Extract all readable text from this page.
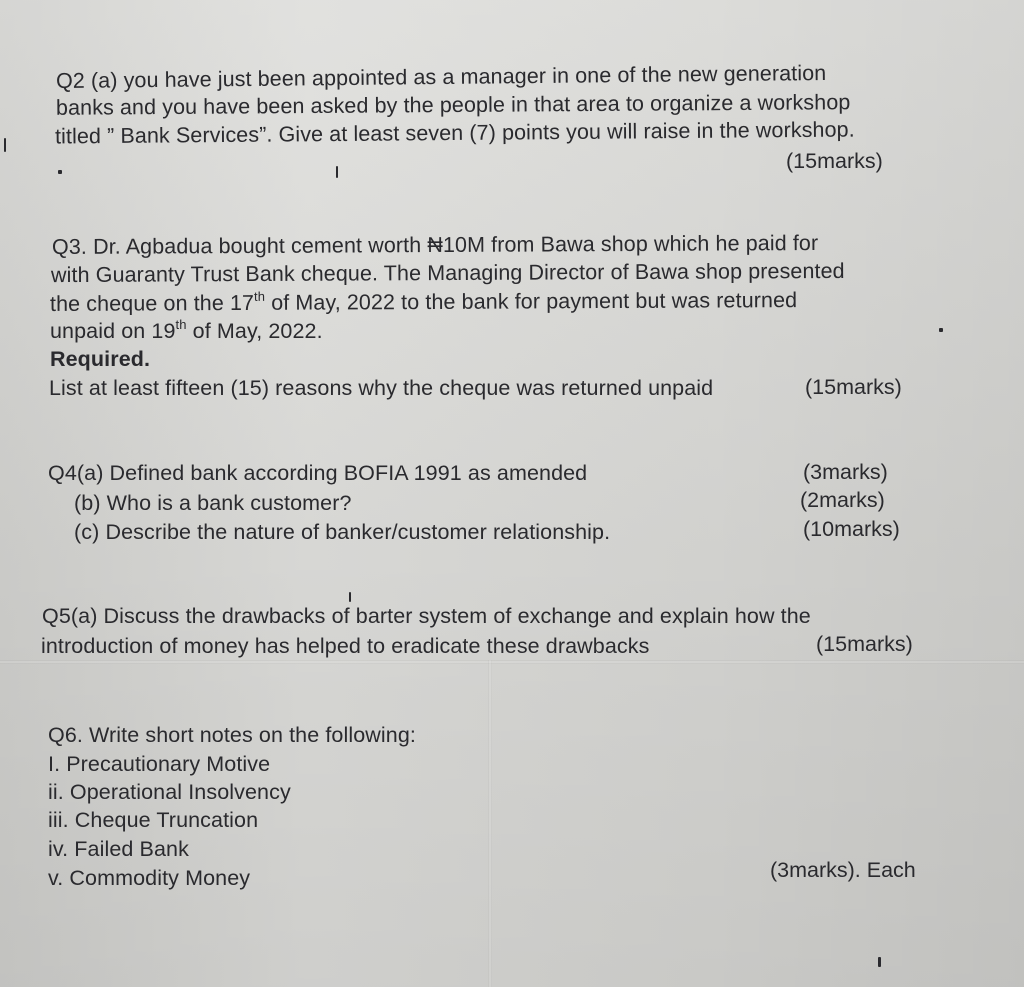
Q2 (a) you have just been appointed as a manager in one of the new generation
banks and you have been asked by the people in that area to organize a workshop
titled ” Bank Services”. Give at least seven (7) points you will raise in the workshop.
(15marks)
Q3. Dr. Agbadua bought cement worth ₦10M from Bawa shop which he paid for
with Guaranty Trust Bank cheque. The Managing Director of Bawa shop presented
the cheque on the 17th of May, 2022 to the bank for payment but was returned
unpaid on 19th of May, 2022.
Required.
List at least fifteen (15) reasons why the cheque was returned unpaid	(15marks)
Q4(a) Defined bank according BOFIA 1991 as amended	(3marks)
(b) Who is a bank customer?	(2marks)
(c) Describe the nature of banker/customer relationship.	(10marks)
Q5(a) Discuss the drawbacks of barter system of exchange and explain how the
introduction of money has helped to eradicate these drawbacks	(15marks)
Q6. Write short notes on the following:
I. Precautionary Motive
ii. Operational Insolvency
iii. Cheque Truncation
iv. Failed Bank
v. Commodity Money	(3marks). Each
